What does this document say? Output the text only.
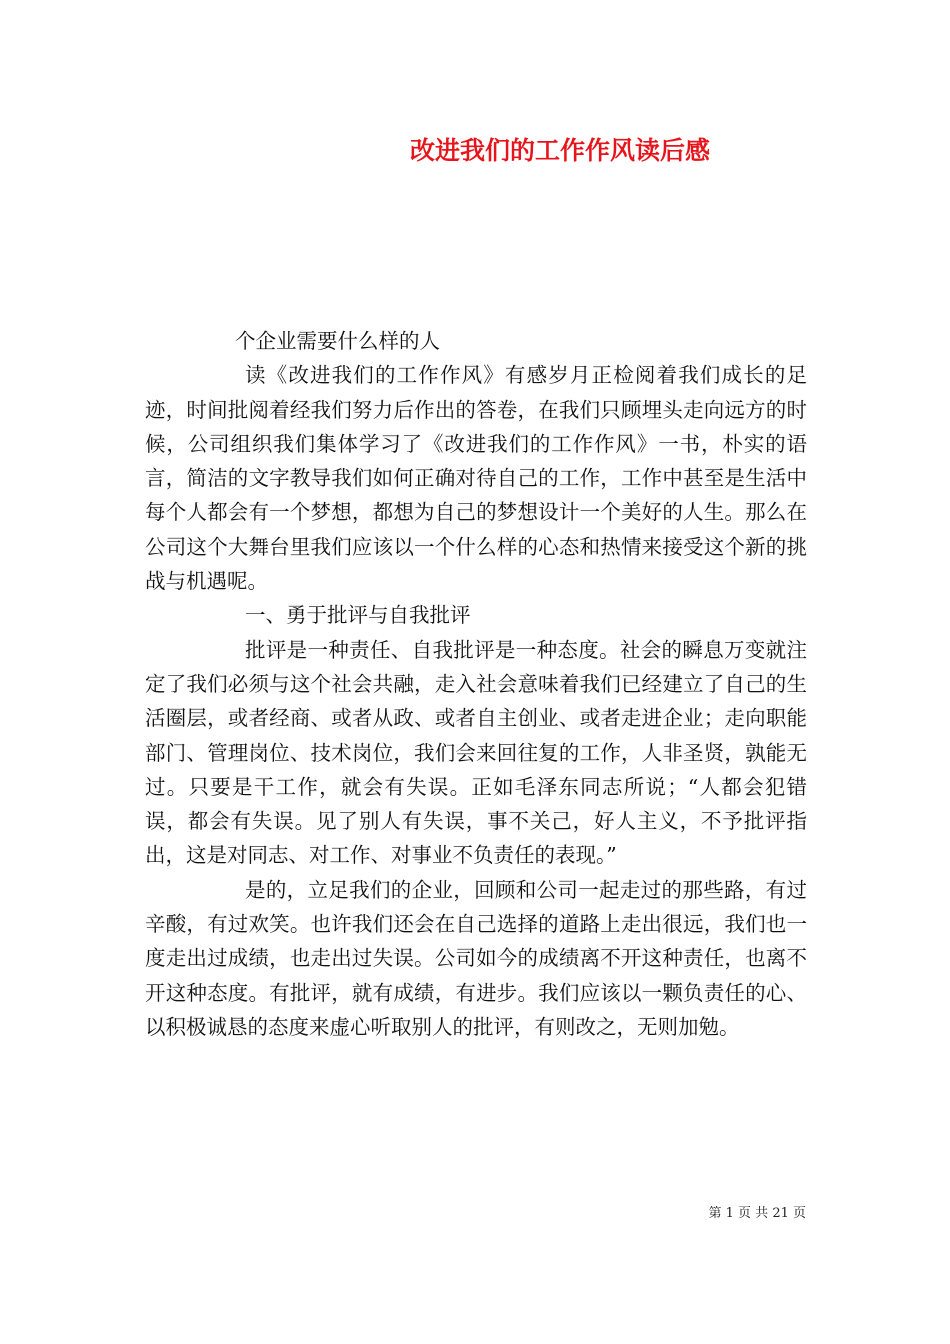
改进我们的工作作风读后感

个企业需要什么样的人

读《改进我们的工作作风》有感岁月正检阅着我们成长的足迹，时间批阅着经我们努力后作出的答卷，在我们只顾埋头走向远方的时候，公司组织我们集体学习了《改进我们的工作作风》一书，朴实的语言，简洁的文字教导我们如何正确对待自己的工作，工作中甚至是生活中每个人都会有一个梦想，都想为自己的梦想设计一个美好的人生。那么在公司这个大舞台里我们应该以一个什么样的心态和热情来接受这个新的挑战与机遇呢。

一、勇于批评与自我批评

批评是一种责任、自我批评是一种态度。社会的瞬息万变就注定了我们必须与这个社会共融，走入社会意味着我们已经建立了自己的生活圈层，或者经商、或者从政、或者自主创业、或者走进企业；走向职能部门、管理岗位、技术岗位，我们会来回往复的工作，人非圣贤，孰能无过。只要是干工作，就会有失误。正如毛泽东同志所说；“人都会犯错误，都会有失误。见了别人有失误，事不关己，好人主义，不予批评指出，这是对同志、对工作、对事业不负责任的表现。”

是的，立足我们的企业，回顾和公司一起走过的那些路，有过辛酸，有过欢笑。也许我们还会在自己选择的道路上走出很远，我们也一度走出过成绩，也走出过失误。公司如今的成绩离不开这种责任，也离不开这种态度。有批评，就有成绩，有进步。我们应该以一颗负责任的心、以积极诚恳的态度来虚心听取别人的批评，有则改之，无则加勉。

第 1 页 共 21 页
